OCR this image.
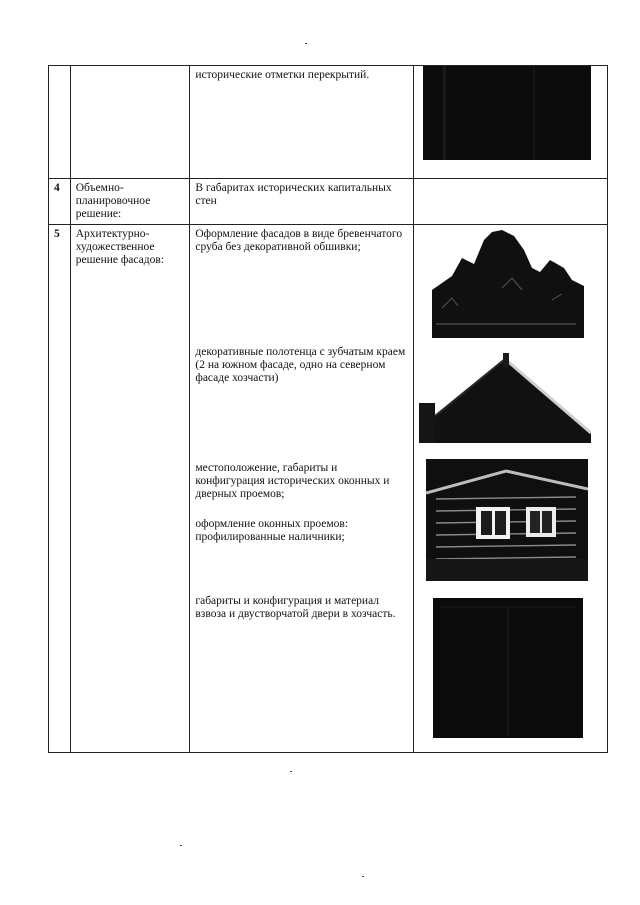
		исторические отметки перекрытий.	

4	Объемно-планировочное решение:	В габаритах исторических капитальных стен	
5	Архитектурно-художественное решение фасадов:	Оформление фасадов в виде бревенчатого сруба без декоративной обшивки;
декоративные полотенца с зубчатым краем (2 на южном фасаде, одно на северном фасаде хозчасти)
местоположение, габариты и конфигурация исторических оконных и дверных проемов;
оформление оконных проемов: профилированные наличники;
габариты и конфигурация и материал взвоза и двустворчатой двери в хозчасть.
